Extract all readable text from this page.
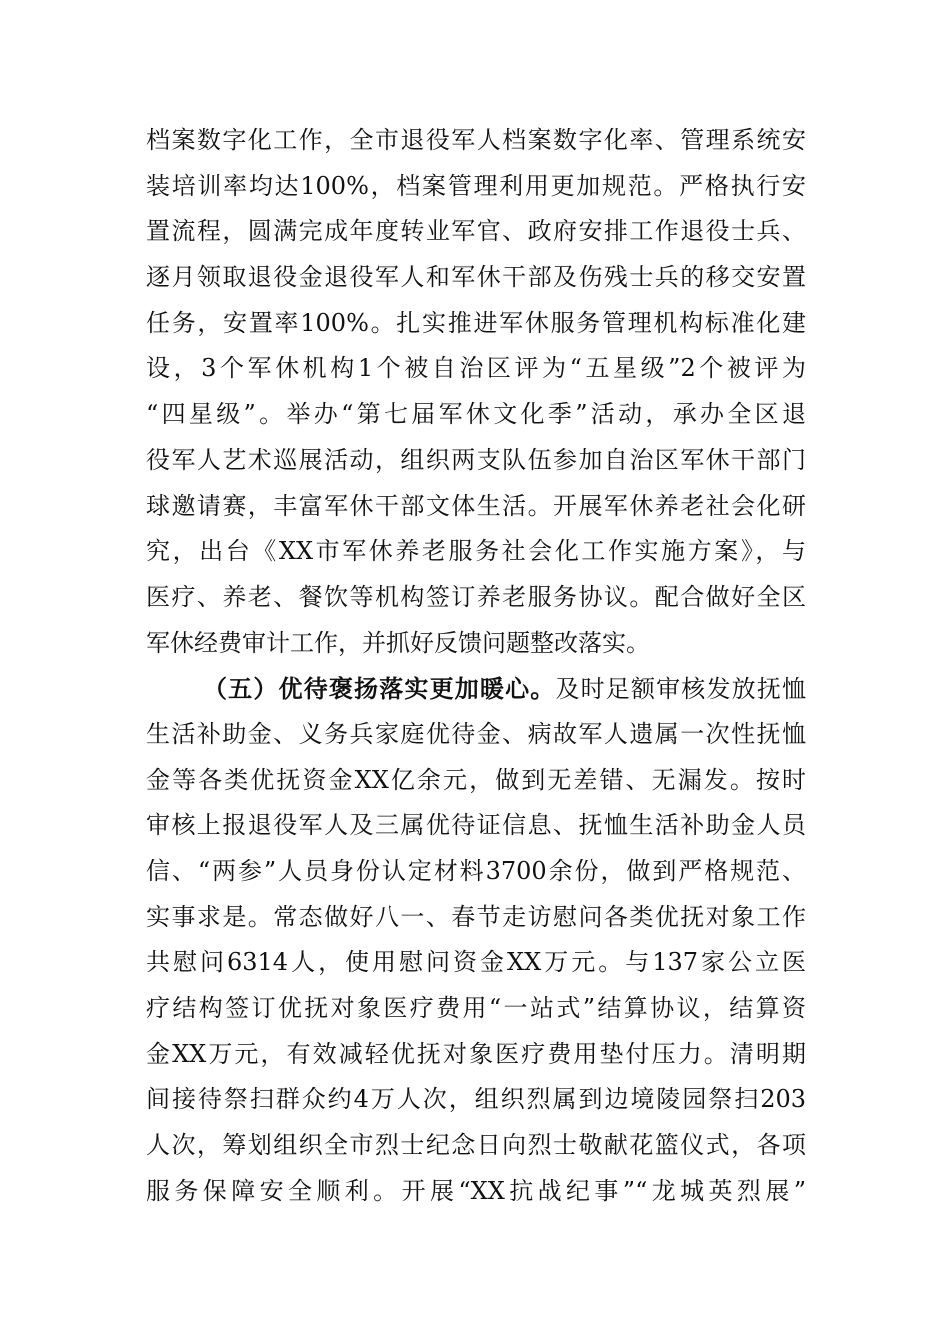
档案数字化工作，全市退役军人档案数字化率、管理系统安
装培训率均达100%，档案管理利用更加规范。严格执行安
置流程，圆满完成年度转业军官、政府安排工作退役士兵、
逐月领取退役金退役军人和军休干部及伤残士兵的移交安置
任务，安置率100%。扎实推进军休服务管理机构标准化建
设，3个军休机构1个被自治区评为“五星级”2个被评为
“四星级”。举办“第七届军休文化季”活动，承办全区退
役军人艺术巡展活动，组织两支队伍参加自治区军休干部门
球邀请赛，丰富军休干部文体生活。开展军休养老社会化研
究，出台《XX市军休养老服务社会化工作实施方案》，与
医疗、养老、餐饮等机构签订养老服务协议。配合做好全区
军休经费审计工作，并抓好反馈问题整改落实。
（五）优待褒扬落实更加暖心。及时足额审核发放抚恤
生活补助金、义务兵家庭优待金、病故军人遗属一次性抚恤
金等各类优抚资金XX亿余元，做到无差错、无漏发。按时
审核上报退役军人及三属优待证信息、抚恤生活补助金人员
信、“两参”人员身份认定材料3700余份，做到严格规范、
实事求是。常态做好八一、春节走访慰问各类优抚对象工作
共慰问6314人，使用慰问资金XX万元。与137家公立医
疗结构签订优抚对象医疗费用“一站式”结算协议，结算资
金XX万元，有效减轻优抚对象医疗费用垫付压力。清明期
间接待祭扫群众约4万人次，组织烈属到边境陵园祭扫203
人次，筹划组织全市烈士纪念日向烈士敬献花篮仪式，各项
服务保障安全顺利。开展“XX抗战纪事”“龙城英烈展”
